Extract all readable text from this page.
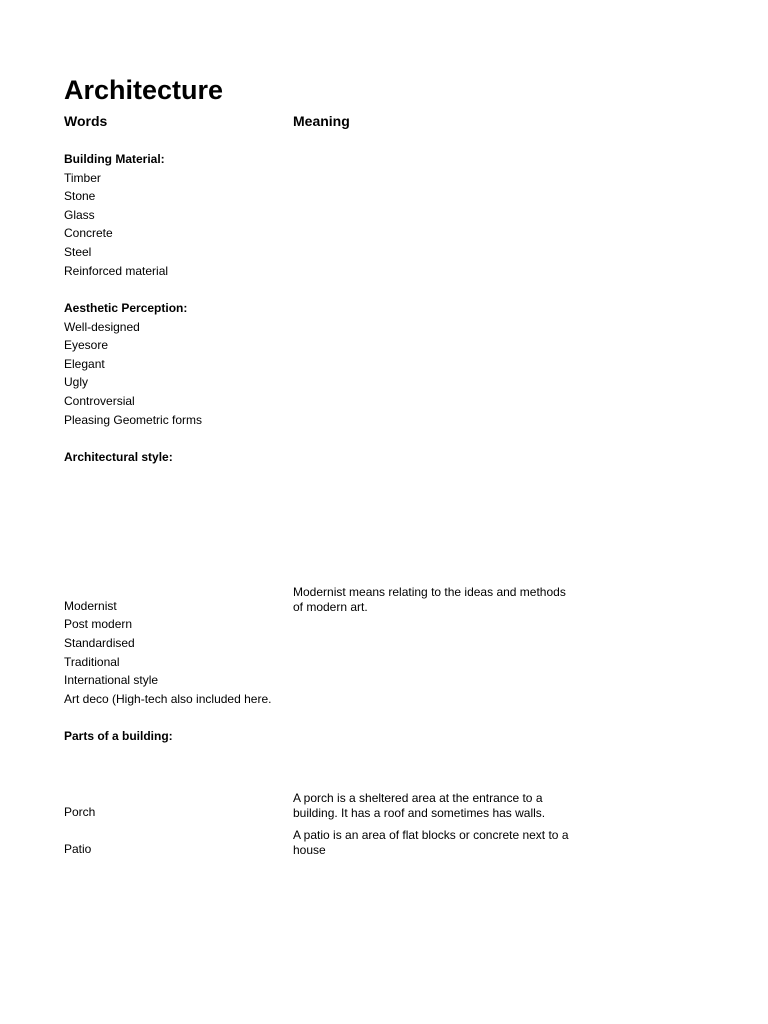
Architecture
Words	Meaning
Building Material:
Timber
Stone
Glass
Concrete
Steel
Reinforced material
Aesthetic Perception:
Well-designed
Eyesore
Elegant
Ugly
Controversial
Pleasing Geometric forms
Architectural style:
Modernist means relating to the ideas and methods of modern art.
Modernist
Post modern
Standardised
Traditional
International style
Art deco (High-tech also included here.
Parts of a building:
A porch is a sheltered area at the entrance to a building. It has a roof and sometimes has walls.
Porch
A patio is an area of flat blocks or concrete next to a house
Patio
